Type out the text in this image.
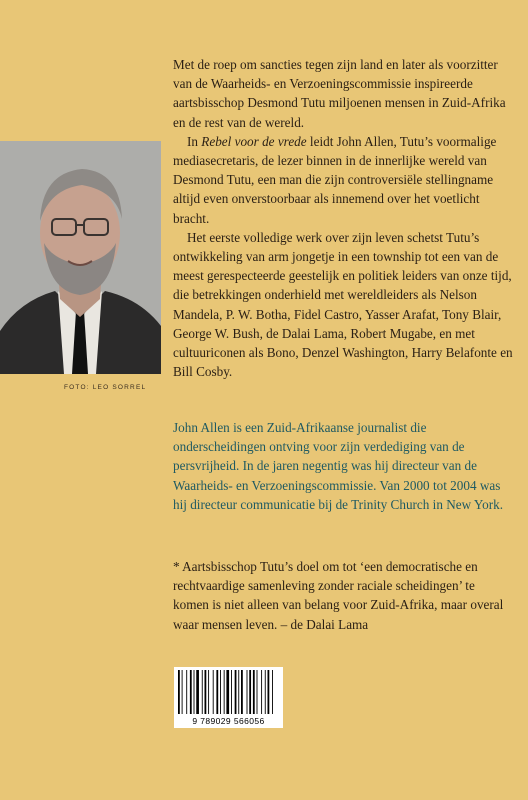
FOTO: LEO SORREL

Met de roep om sancties tegen zijn land en later als voorzitter van de Waarheids- en Verzoeningscommissie inspireerde aartsbisschop Desmond Tutu miljoenen mensen in Zuid-Afrika en de rest van de wereld.

In Rebel voor de vrede leidt John Allen, Tutu’s voormalige mediasecretaris, de lezer binnen in de innerlijke wereld van Desmond Tutu, een man die zijn controversiële stellingname altijd even onverstoorbaar als innemend over het voetlicht bracht.

Het eerste volledige werk over zijn leven schetst Tutu’s ontwikkeling van arm jongetje in een township tot een van de meest gerespecteerde geestelijk en politiek leiders van onze tijd, die betrekkingen onderhield met wereldleiders als Nelson Mandela, P. W. Botha, Fidel Castro, Yasser Arafat, Tony Blair, George W. Bush, de Dalai Lama, Robert Mugabe, en met cultuuriconen als Bono, Denzel Washington, Harry Belafonte en Bill Cosby.

John Allen is een Zuid-Afrikaanse journalist die onderscheidingen ontving voor zijn verdediging van de persvrijheid. In de jaren negentig was hij directeur van de Waarheids- en Verzoeningscommissie. Van 2000 tot 2004 was hij directeur communicatie bij de Trinity Church in New York.

* Aartsbisschop Tutu’s doel om tot ‘een democratische en rechtvaardige samenleving zonder raciale scheidingen’ te komen is niet alleen van belang voor Zuid-Afrika, maar overal waar mensen leven. – de Dalai Lama

9 789029 566056
